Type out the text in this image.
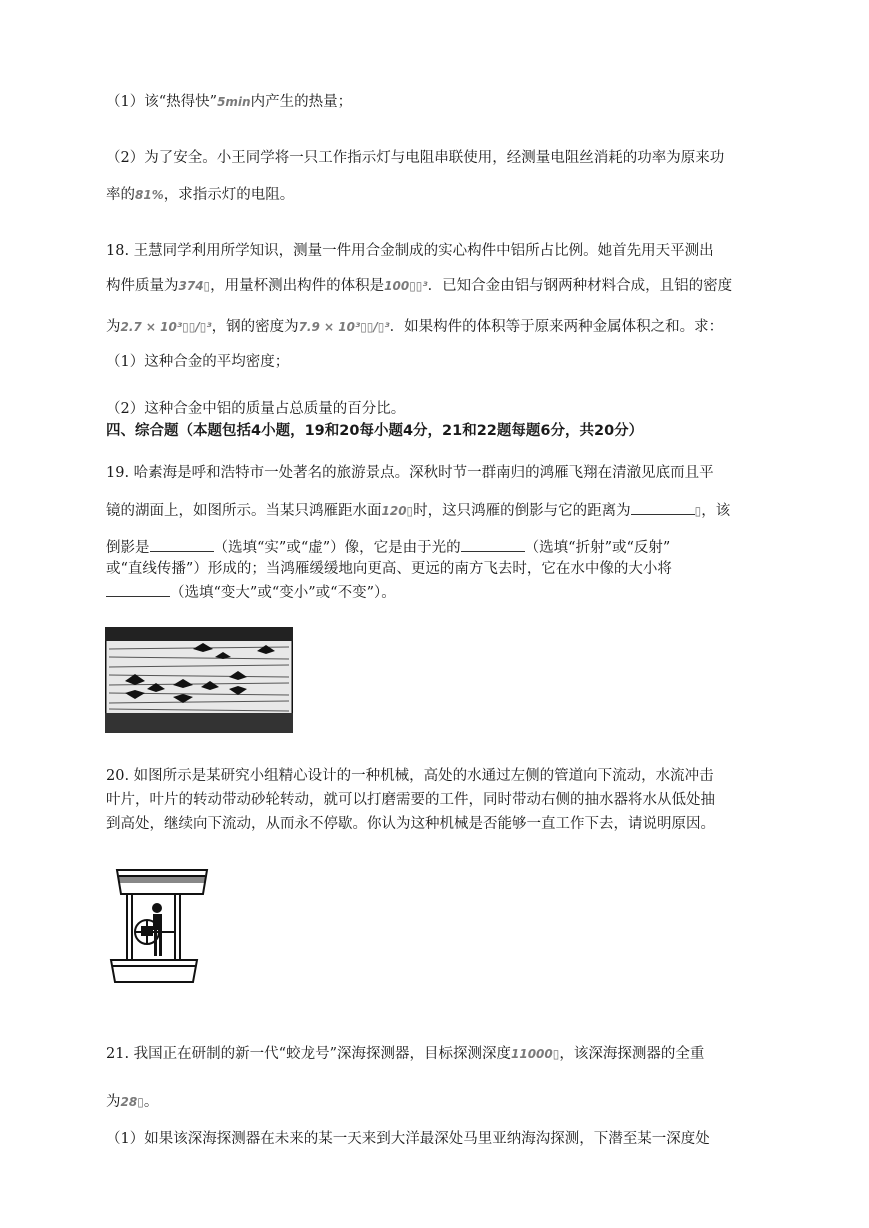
（1）该“热得快”5min内产生的热量；
（2）为了安全。小王同学将一只工作指示灯与电阻串联使用，经测量电阻丝消耗的功率为原来功
率的81%，求指示灯的电阻。
18. 王慧同学利用所学知识，测量一件用合金制成的实心构件中铝所占比例。她首先用天平测出
构件质量为374▯，用量杯测出构件的体积是100▯▯³．已知合金由铝与钢两种材料合成，且铝的密度
为2.7 × 10³▯▯/▯³，钢的密度为7.9 × 10³▯▯/▯³．如果构件的体积等于原来两种金属体积之和。求：
（1）这种合金的平均密度；
（2）这种合金中铝的质量占总质量的百分比。
四、综合题（本题包括4小题，19和20每小题4分，21和22题每题6分，共20分）
19. 哈素海是呼和浩特市一处著名的旅游景点。深秋时节一群南归的鸿雁飞翔在清澈见底而且平
镜的湖面上，如图所示。当某只鸿雁距水面120▯时，这只鸿雁的倒影与它的距离为	▯，该
倒影是	（选填“实”或“虚”）像，它是由于光的	（选填“折射”或“反射”
或“直线传播”）形成的；当鸿雁缓缓地向更高、更远的南方飞去时，它在水中像的大小将
（选填“变大”或“变小”或“不变”）。
20. 如图所示是某研究小组精心设计的一种机械，高处的水通过左侧的管道向下流动，水流冲击
叶片，叶片的转动带动砂轮转动，就可以打磨需要的工件，同时带动右侧的抽水器将水从低处抽
到高处，继续向下流动，从而永不停歇。你认为这种机械是否能够一直工作下去，请说明原因。
21. 我国正在研制的新一代“蛟龙号”深海探测器，目标探测深度11000▯，该深海探测器的全重
为28▯。
（1）如果该深海探测器在未来的某一天来到大洋最深处马里亚纳海沟探测，下潜至某一深度处
